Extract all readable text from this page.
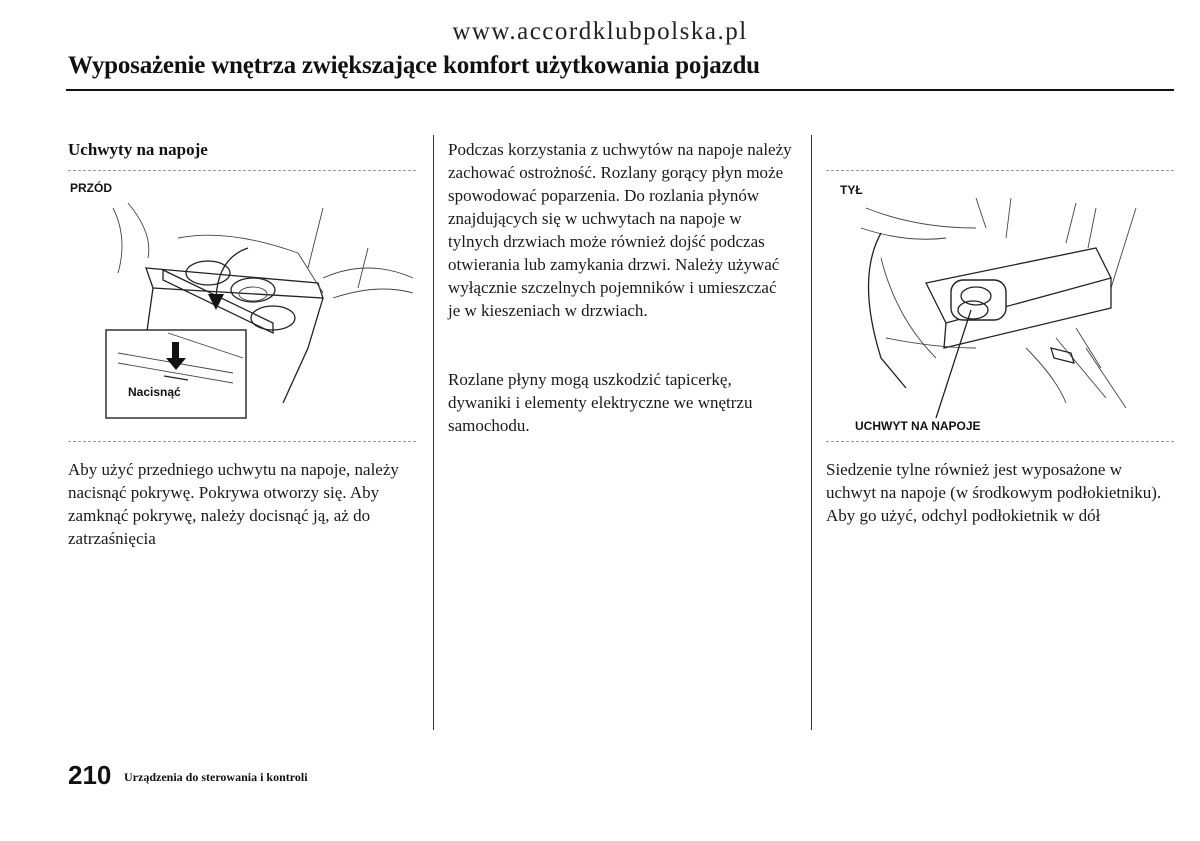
www.accordklubpolska.pl
Wyposażenie wnętrza zwiększające komfort użytkowania pojazdu
Uchwyty na napoje
PRZÓD
Nacisnąć
Aby użyć przedniego uchwytu na napoje, należy nacisnąć pokrywę. Pokrywa otworzy się. Aby zamknąć pokrywę, należy docisnąć ją, aż do zatrzaśnięcia
Podczas korzystania z uchwytów na napoje należy zachować ostrożność. Rozlany gorący płyn może spowodować poparzenia. Do rozlania płynów znajdujących się w uchwytach na napoje w tylnych drzwiach może również dojść podczas otwierania lub zamykania drzwi. Należy używać wyłącznie szczelnych pojemników i umieszczać je w kieszeniach w drzwiach.
Rozlane płyny mogą uszkodzić tapicerkę, dywaniki i elementy elektryczne we wnętrzu samochodu.
TYŁ
UCHWYT NA NAPOJE
Siedzenie tylne również jest wyposażone w uchwyt na napoje (w środkowym podłokietniku). Aby go użyć, odchyl podłokietnik w dół
210 Urządzenia do sterowania i kontroli
